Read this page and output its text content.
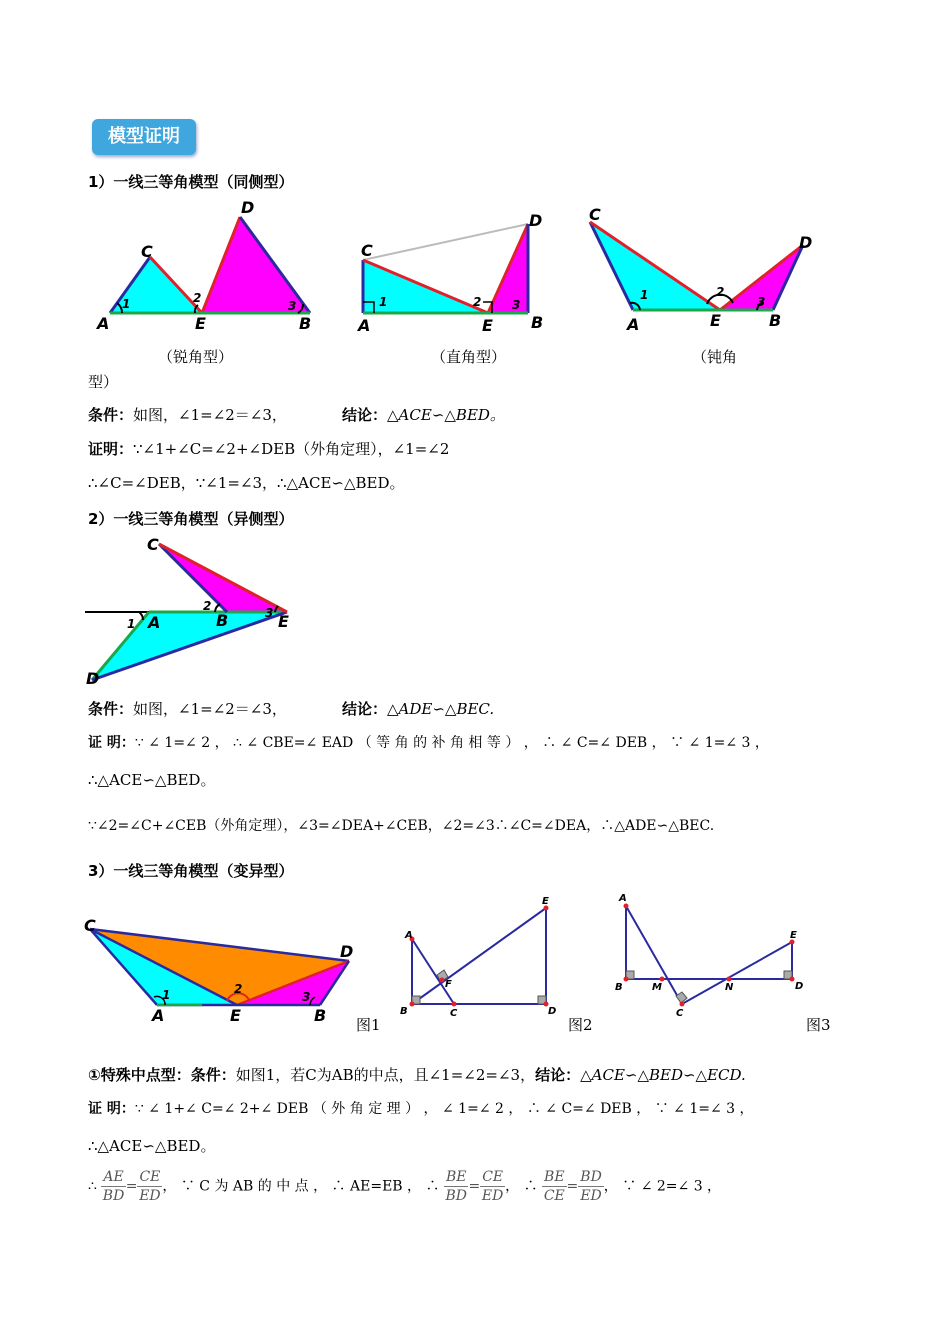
模型证明
1）一线三等角模型（同侧型）
A
C
D
E	B
1	2
3
C
D
A	E B
1	2	3
C
D
A	E	B
1	2
3
（锐角型）	（直角型）	（钝角
型）
条件：如图，∠1=∠2＝∠3，	结论：△ACE∽△BED。
证明：∵∠1+∠C=∠2+∠DEB（外角定理），∠1=∠2
∴∠C=∠DEB，∵∠1=∠3，∴△ACE∽△BED。
2）一线三等角模型（异侧型）
C
A	B	E
D
1
2	3
条件：如图，∠1=∠2＝∠3，	结论：△ADE∽△BEC.
证 明：∵ ∠ 1=∠ 2 ， ∴ ∠ CBE=∠ EAD （ 等 角 的 补 角 相 等 ） ， ∴ ∠ C=∠ DEB ， ∵ ∠ 1=∠ 3 ，
∴△ACE∽△BED。
∵∠2=∠C+∠CEB（外角定理），∠3=∠DEA+∠CEB，∠2=∠3∴∠C=∠DEA，∴△ADE∽△BEC.
3）一线三等角模型（变异型）
C
D
A	E	B
1	2
3
A
B	C	D
E
F
A
B	M	N	D
E
C
图1	图2	图3
①特殊中点型：条件：如图1，若C为AB的中点，且∠1=∠2=∠3，结论：△ACE∽△BED∽△ECD.
证 明：∵ ∠ 1+∠ C=∠ 2+∠ DEB （ 外 角 定 理 ） ， ∠ 1=∠ 2 ， ∴ ∠ C=∠ DEB ， ∵ ∠ 1=∠ 3 ，
∴△ACE∽△BED。
∴ $\frac{AE}{BD} = \frac{CE}{ED}$ ， ∵ C 为 AB 的 中 点 ， ∴ AE=EB ， ∴ $\frac{BE}{BD} = \frac{CE}{ED}$ ， ∴ $\frac{BE}{CE} = \frac{BD}{ED}$ ， ∵ ∠ 2=∠ 3 ，
